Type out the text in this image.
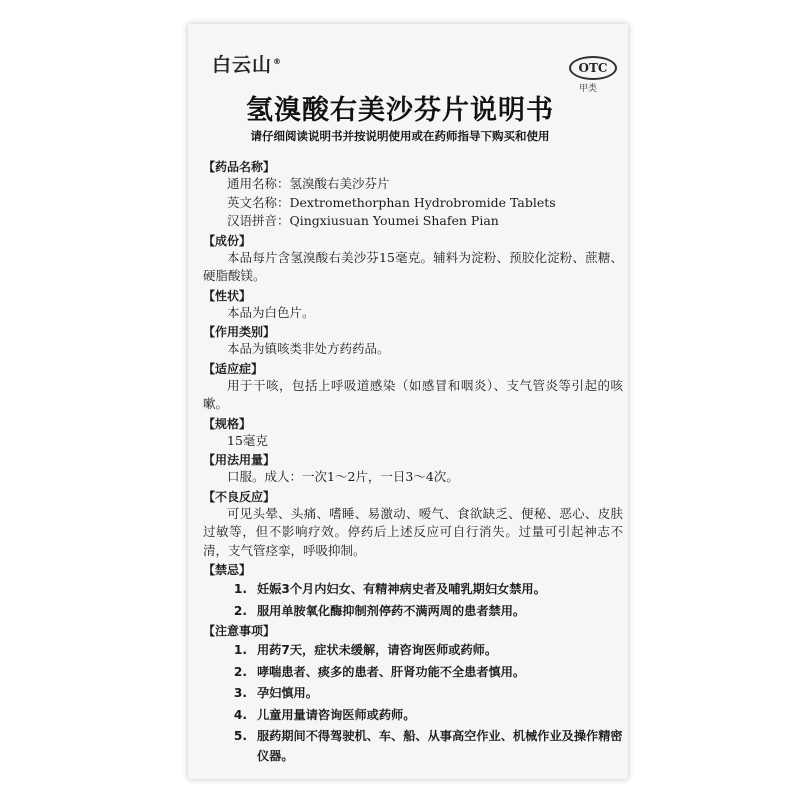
白云山®	OTC
甲类
氢溴酸右美沙芬片说明书
请仔细阅读说明书并按说明使用或在药师指导下购买和使用
【药品名称】
通用名称：氢溴酸右美沙芬片
英文名称：Dextromethorphan Hydrobromide Tablets
汉语拼音：Qingxiusuan Youmei Shafen Pian
【成份】
本品每片含氢溴酸右美沙芬15毫克。辅料为淀粉、预胶化淀粉、蔗糖、硬脂酸镁。
【性状】
本品为白色片。
【作用类别】
本品为镇咳类非处方药药品。
【适应症】
用于干咳，包括上呼吸道感染（如感冒和咽炎）、支气管炎等引起的咳嗽。
【规格】
15毫克
【用法用量】
口服。成人：一次1～2片，一日3～4次。
【不良反应】
可见头晕、头痛、嗜睡、易激动、嗳气、食欲缺乏、便秘、恶心、皮肤过敏等，但不影响疗效。停药后上述反应可自行消失。过量可引起神志不清，支气管痉挛，呼吸抑制。
【禁忌】
1. 妊娠3个月内妇女、有精神病史者及哺乳期妇女禁用。
2. 服用单胺氧化酶抑制剂停药不满两周的患者禁用。
【注意事项】
1. 用药7天，症状未缓解，请咨询医师或药师。
2. 哮喘患者、痰多的患者、肝肾功能不全患者慎用。
3. 孕妇慎用。
4. 儿童用量请咨询医师或药师。
5. 服药期间不得驾驶机、车、船、从事高空作业、机械作业及操作精密仪器。
